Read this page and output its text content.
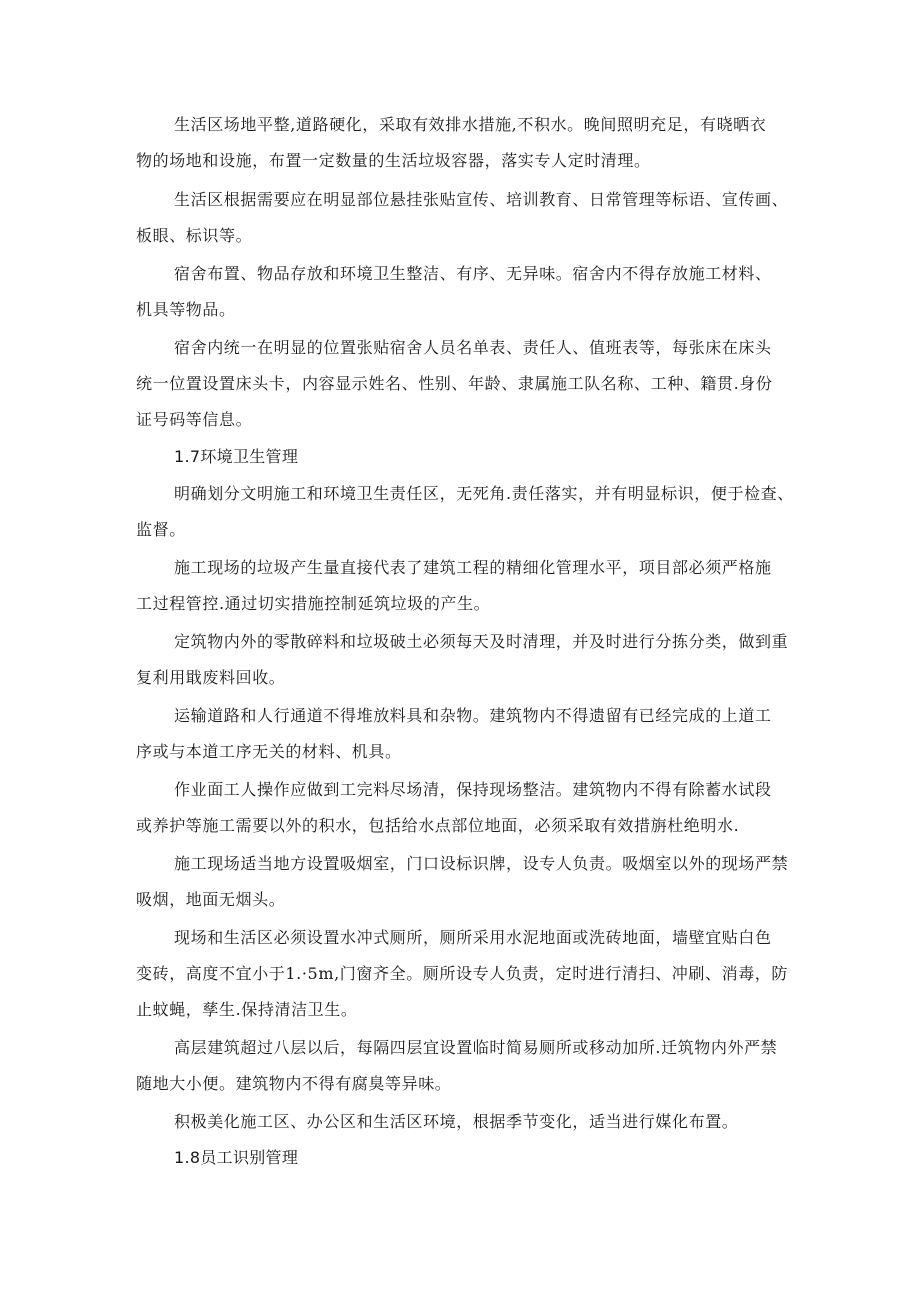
生活区场地平整,道路硬化，采取有效排水措施,不积水。晚间照明充足，有晓晒衣
物的场地和设施，布置一定数量的生活垃圾容器，落实专人定时清理。
生活区根据需要应在明显部位悬挂张贴宣传、培训教育、日常管理等标语、宣传画、
板眼、标识等。
宿舍布置、物品存放和环境卫生整洁、有序、无异味。宿舍内不得存放施工材料、
机具等物品。
宿舍内统一在明显的位置张贴宿舍人员名单表、责任人、值班表等，每张床在床头
统一位置设置床头卡，内容显示姓名、性别、年龄、隶属施工队名称、工种、籍贯.身份
证号码等信息。
1.7环境卫生管理
明确划分文明施工和环境卫生责任区，无死角.责任落实，并有明显标识，便于检查、
监督。
施工现场的垃圾产生量直接代表了建筑工程的精细化管理水平，项目部必须严格施
工过程管控.通过切实措施控制延筑垃圾的产生。
定筑物内外的零散碎料和垃圾破土必须每天及时清理，并及时进行分拣分类，做到重
复利用戢废料回收。
运输道路和人行通道不得堆放料具和杂物。建筑物内不得遗留有已经完成的上道工
序或与本道工序无关的材料、机具。
作业面工人操作应做到工完料尽场清，保持现场整洁。建筑物内不得有除蓄水试段
或养护等施工需要以外的积水，包括给水点部位地面，必须采取有效措旃杜绝明水.
施工现场适当地方设置吸烟室，门口设标识牌，设专人负责。吸烟室以外的现场严禁
吸烟，地面无烟头。
现场和生活区必须设置水冲式厕所，厕所采用水泥地面或洗砖地面，墙壁宜贴白色
变砖，高度不宜小于1.·5m,门窗齐全。厕所设专人负责，定时进行清扫、冲刷、消毒，防
止蚊蝇，孳生.保持清洁卫生。
高层建筑超过八层以后，每隔四层宜设置临时简易厕所或移动加所.迁筑物内外严禁
随地大小便。建筑物内不得有腐臭等异味。
积极美化施工区、办公区和生活区环境，根据季节变化，适当进行媒化布置。
1.8员工识别管理
